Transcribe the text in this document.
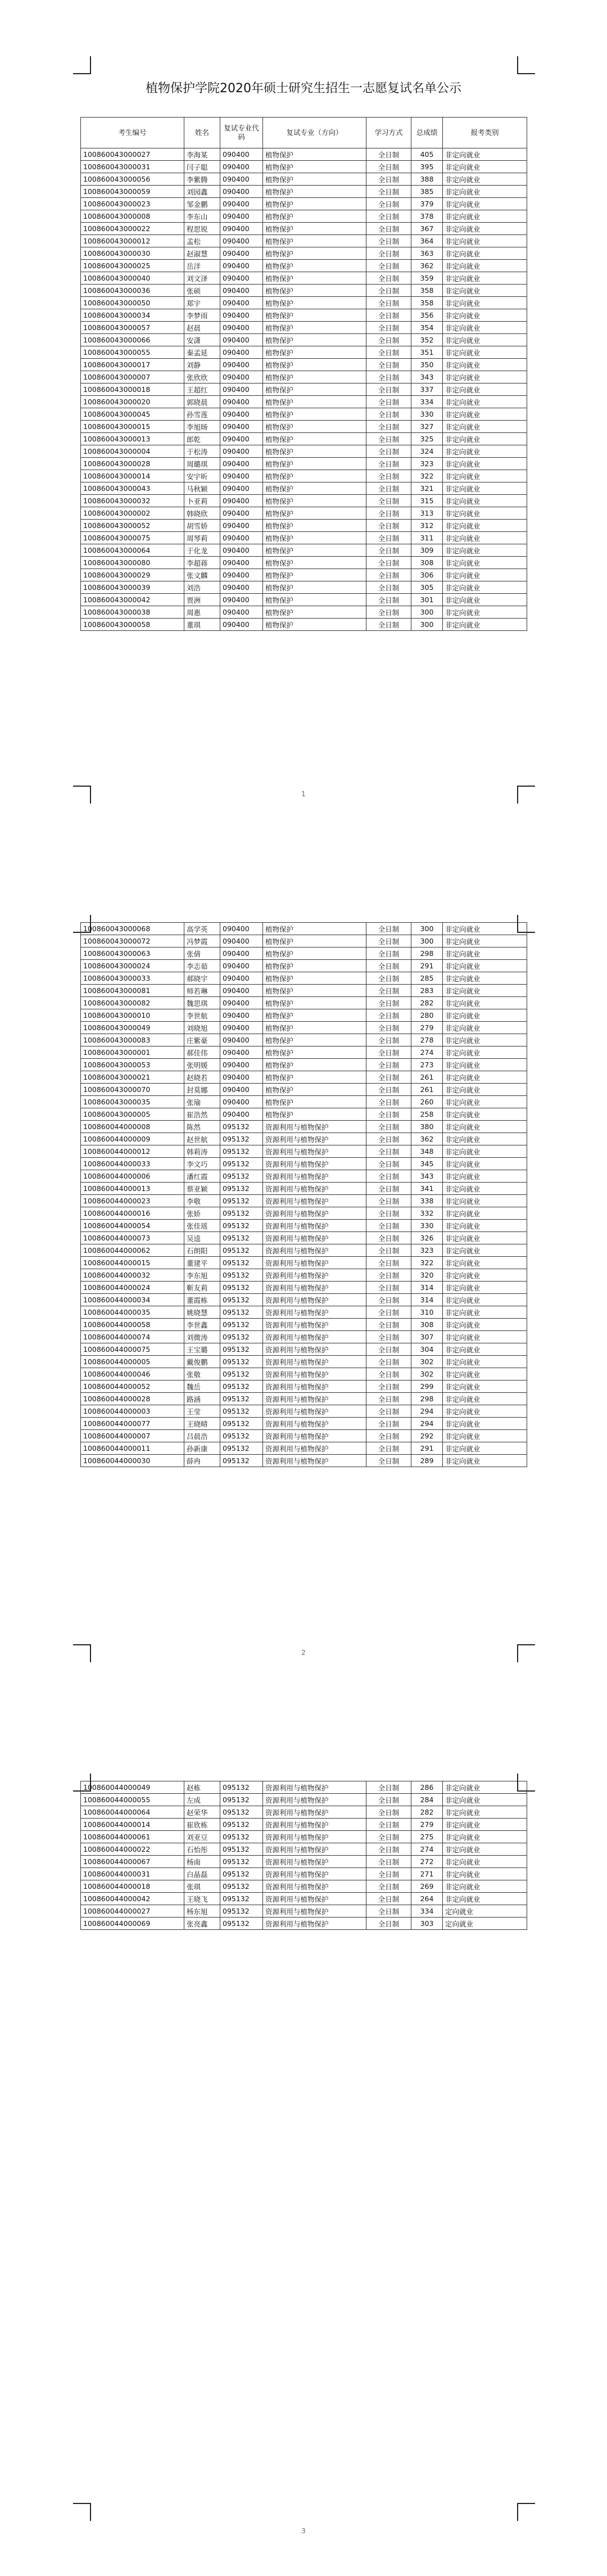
植物保护学院2020年硕士研究生招生一志愿复试名单公示
考生编号	姓名	复试专业代码	复试专业（方向）	学习方式	总成绩	报考类别
100860043000027	李海某	090400	植物保护	全日制	405	非定向就业
100860043000031	闫子聪	090400	植物保护	全日制	395	非定向就业
100860043000056	李紫腾	090400	植物保护	全日制	388	非定向就业
100860043000059	刘园鑫	090400	植物保护	全日制	385	非定向就业
100860043000023	邹金鹏	090400	植物保护	全日制	379	非定向就业
100860043000008	李东山	090400	植物保护	全日制	378	非定向就业
100860043000022	程思锐	090400	植物保护	全日制	367	非定向就业
100860043000012	孟松	090400	植物保护	全日制	364	非定向就业
100860043000030	赵淑慧	090400	植物保护	全日制	363	非定向就业
100860043000025	岳洋	090400	植物保护	全日制	362	非定向就业
100860043000040	刘文泽	090400	植物保护	全日制	359	非定向就业
100860043000036	张硕	090400	植物保护	全日制	358	非定向就业
100860043000050	郑宇	090400	植物保护	全日制	358	非定向就业
100860043000034	李梦雨	090400	植物保护	全日制	356	非定向就业
100860043000057	赵晨	090400	植物保护	全日制	354	非定向就业
100860043000066	安潇	090400	植物保护	全日制	352	非定向就业
100860043000055	秦孟延	090400	植物保护	全日制	351	非定向就业
100860043000017	刘静	090400	植物保护	全日制	350	非定向就业
100860043000007	张欣欣	090400	植物保护	全日制	343	非定向就业
100860043000018	王超红	090400	植物保护	全日制	337	非定向就业
100860043000020	郭晓晨	090400	植物保护	全日制	334	非定向就业
100860043000045	孙雪莲	090400	植物保护	全日制	330	非定向就业
100860043000015	李旭旸	090400	植物保护	全日制	327	非定向就业
100860043000013	郎乾	090400	植物保护	全日制	325	非定向就业
100860043000004	于松涛	090400	植物保护	全日制	324	非定向就业
100860043000028	周璐琪	090400	植物保护	全日制	323	非定向就业
100860043000014	安宇昕	090400	植物保护	全日制	322	非定向就业
100860043000043	马秋颖	090400	植物保护	全日制	321	非定向就业
100860043000032	卜亚莉	090400	植物保护	全日制	315	非定向就业
100860043000002	韩晓欣	090400	植物保护	全日制	313	非定向就业
100860043000052	胡雪娇	090400	植物保护	全日制	312	非定向就业
100860043000075	周琴莉	090400	植物保护	全日制	311	非定向就业
100860043000064	于化龙	090400	植物保护	全日制	309	非定向就业
100860043000080	李超蒋	090400	植物保护	全日制	308	非定向就业
100860043000029	张文麟	090400	植物保护	全日制	306	非定向就业
100860043000039	刘浩	090400	植物保护	全日制	305	非定向就业
100860043000042	贾洲	090400	植物保护	全日制	301	非定向就业
100860043000038	周惠	090400	植物保护	全日制	300	非定向就业
100860043000058	董琪	090400	植物保护	全日制	300	非定向就业
1
100860043000068	高学英	090400	植物保护	全日制	300	非定向就业
100860043000072	冯梦霞	090400	植物保护	全日制	300	非定向就业
100860043000063	张倩	090400	植物保护	全日制	298	非定向就业
100860043000024	李志茹	090400	植物保护	全日制	291	非定向就业
100860043000033	郝晓宇	090400	植物保护	全日制	285	非定向就业
100860043000081	师若琳	090400	植物保护	全日制	283	非定向就业
100860043000082	魏思琪	090400	植物保护	全日制	282	非定向就业
100860043000010	李世航	090400	植物保护	全日制	280	非定向就业
100860043000049	刘晓旭	090400	植物保护	全日制	279	非定向就业
100860043000083	庄紫豪	090400	植物保护	全日制	278	非定向就业
100860043000001	郝佳伟	090400	植物保护	全日制	274	非定向就业
100860043000053	张明媛	090400	植物保护	全日制	273	非定向就业
100860043000021	赵晓若	090400	植物保护	全日制	261	非定向就业
100860043000070	封莫娜	090400	植物保护	全日制	261	非定向就业
100860043000035	张瑜	090400	植物保护	全日制	260	非定向就业
100860043000005	崔浩然	090400	植物保护	全日制	258	非定向就业
100860044000008	陈然	095132	资源利用与植物保护	全日制	380	非定向就业
100860044000009	赵世航	095132	资源利用与植物保护	全日制	362	非定向就业
100860044000012	韩莉涛	095132	资源利用与植物保护	全日制	348	非定向就业
100860044000033	李文巧	095132	资源利用与植物保护	全日制	345	非定向就业
100860044000006	潘红霞	095132	资源利用与植物保护	全日制	343	非定向就业
100860044000013	蔡亚颖	095132	资源利用与植物保护	全日制	341	非定向就业
100860044000023	李敬	095132	资源利用与植物保护	全日制	338	非定向就业
100860044000016	张娇	095132	资源利用与植物保护	全日制	332	非定向就业
100860044000054	张佳瑶	095132	资源利用与植物保护	全日制	330	非定向就业
100860044000073	吴逵	095132	资源利用与植物保护	全日制	326	非定向就业
100860044000062	石朗阳	095132	资源利用与植物保护	全日制	323	非定向就业
100860044000015	董建平	095132	资源利用与植物保护	全日制	322	非定向就业
100860044000032	李东旭	095132	资源利用与植物保护	全日制	320	非定向就业
100860044000024	靳友莉	095132	资源利用与植物保护	全日制	314	非定向就业
100860044000034	董霞栋	095132	资源利用与植物保护	全日制	314	非定向就业
100860044000035	姚晓慧	095132	资源利用与植物保护	全日制	310	非定向就业
100860044000058	李世鑫	095132	资源利用与植物保护	全日制	308	非定向就业
100860044000074	刘微涛	095132	资源利用与植物保护	全日制	307	非定向就业
100860044000075	王宝璐	095132	资源利用与植物保护	全日制	304	非定向就业
100860044000005	戴俊鹏	095132	资源利用与植物保护	全日制	302	非定向就业
100860044000046	张敬	095132	资源利用与植物保护	全日制	302	非定向就业
100860044000052	魏岳	095132	资源利用与植物保护	全日制	299	非定向就业
100860044000028	路涵	095132	资源利用与植物保护	全日制	298	非定向就业
100860044000003	王莹	095132	资源利用与植物保护	全日制	294	非定向就业
100860044000077	王晓晴	095132	资源利用与植物保护	全日制	294	非定向就业
100860044000007	吕晨浩	095132	资源利用与植物保护	全日制	292	非定向就业
100860044000011	孙新康	095132	资源利用与植物保护	全日制	291	非定向就业
100860044000030	薛冉	095132	资源利用与植物保护	全日制	289	非定向就业
2
100860044000049	赵栋	095132	资源利用与植物保护	全日制	286	非定向就业
100860044000055	左成	095132	资源利用与植物保护	全日制	284	非定向就业
100860044000064	赵荣华	095132	资源利用与植物保护	全日制	282	非定向就业
100860044000014	崔欣栋	095132	资源利用与植物保护	全日制	279	非定向就业
100860044000061	刘亚豆	095132	资源利用与植物保护	全日制	275	非定向就业
100860044000022	石怡彤	095132	资源利用与植物保护	全日制	274	非定向就业
100860044000067	杨南	095132	资源利用与植物保护	全日制	272	非定向就业
100860044000031	白晶磊	095132	资源利用与植物保护	全日制	271	非定向就业
100860044000018	张琪	095132	资源利用与植物保护	全日制	269	非定向就业
100860044000042	王晓飞	095132	资源利用与植物保护	全日制	264	非定向就业
100860044000027	杨东旭	095132	资源利用与植物保护	全日制	334	定向就业
100860044000069	张亮鑫	095132	资源利用与植物保护	全日制	303	定向就业
3
